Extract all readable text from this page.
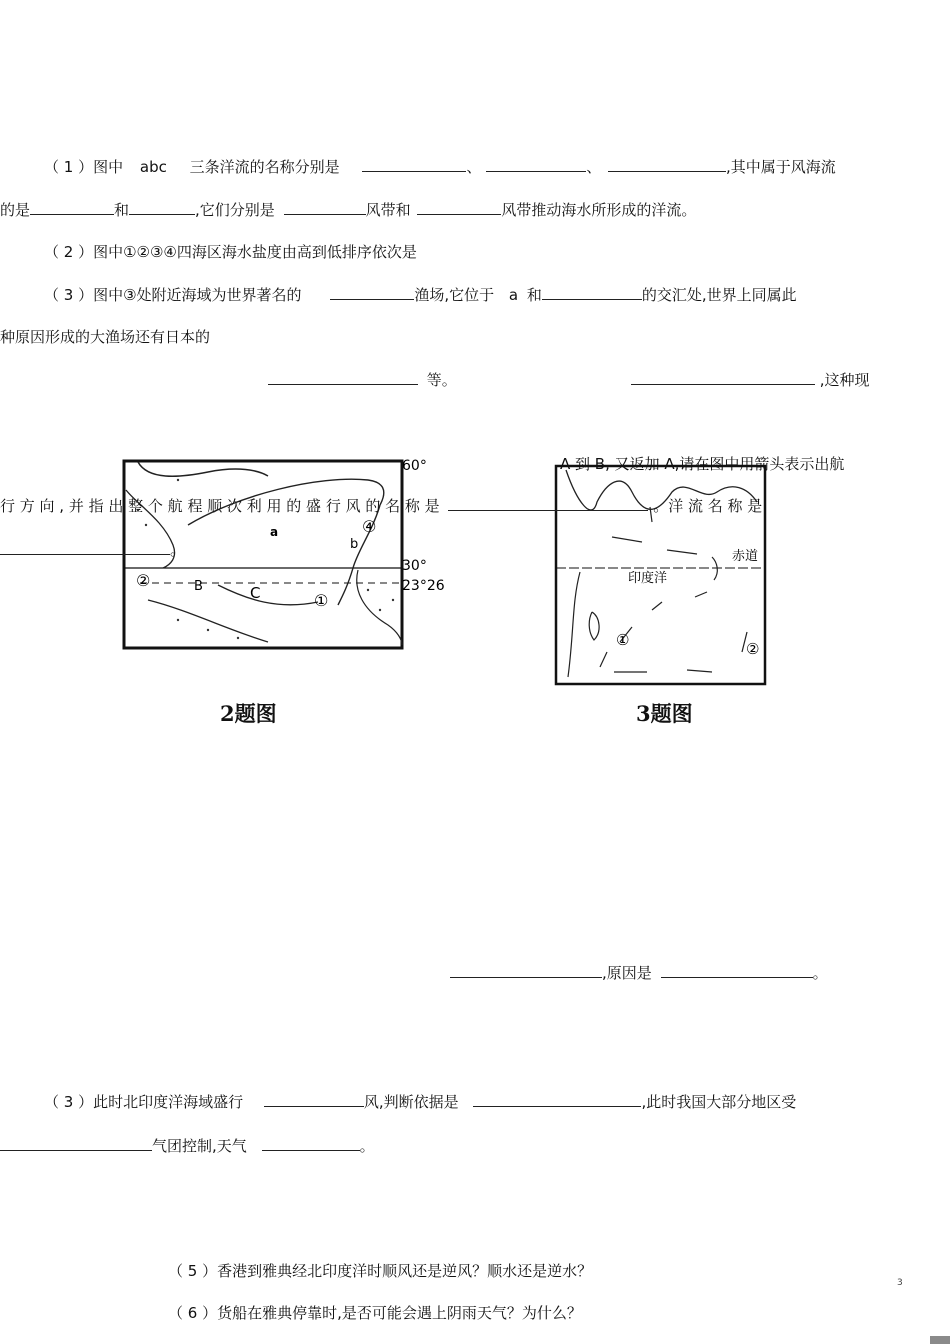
（ 1 ）图中 abc 三条洋流的名称分别是	、	、	,其中属于风海流
的是	和	,它们分别是	风带和	风带推动海水所形成的洋流。
（ 2 ）图中①②③④四海区海水盐度由高到低排序依次是
（ 3 ）图中③处附近海域为世界著名的	渔场,它位于 a 和	的交汇处,世界上同属此
种原因形成的大渔场还有日本的
等。	,这种现
60°
30°
23°26
a
b
B	C	①
②
④
2题图
赤道
印度洋
①	②
3题图
A 到 B, 又返加 A,请在图中用箭头表示出航
行 方 向 , 并 指 出 整 个 航 程 顺 次 利 用 的 盛 行 风 的 名 称 是	。洋 流 名 称 是
。
,原因是	。
（ 3 ）此时北印度洋海域盛行	风,判断依据是	,此时我国大部分地区受
气团控制,天气	。
（ 5 ）香港到雅典经北印度洋时顺风还是逆风？顺水还是逆水？
（ 6 ）货船在雅典停靠时,是否可能会遇上阴雨天气？为什么？
3
